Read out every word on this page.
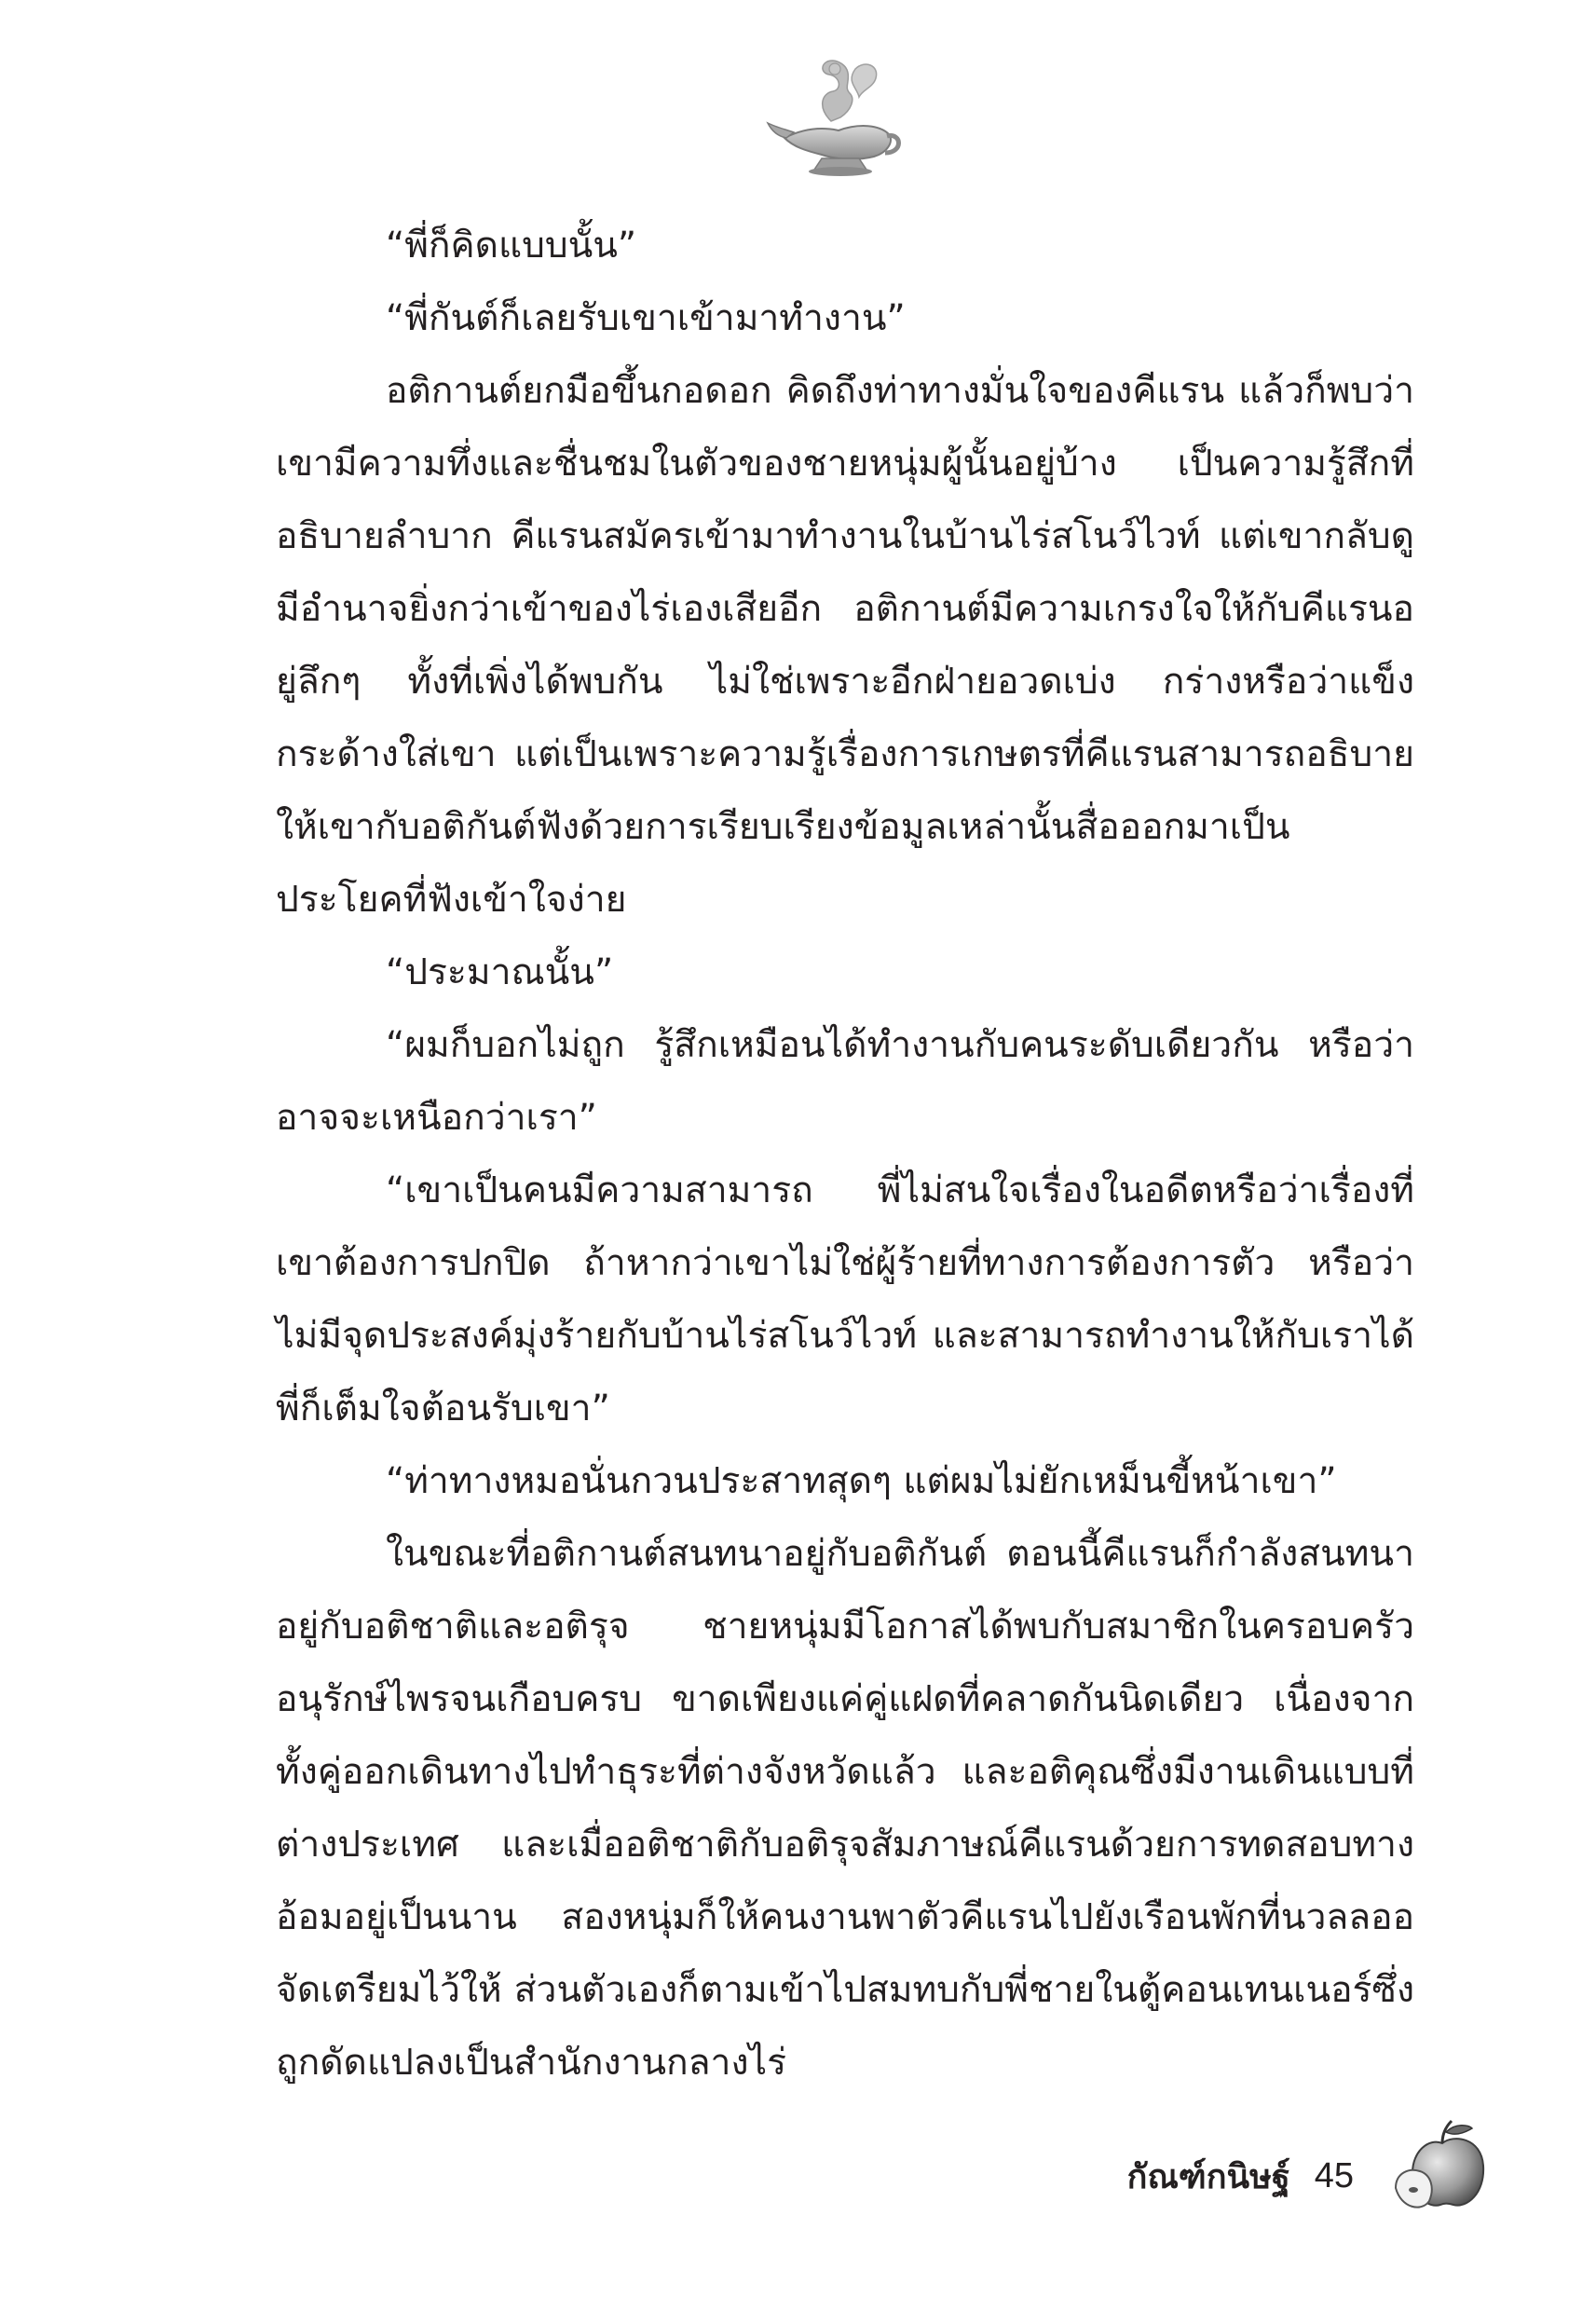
“พี่ก็คิดแบบนั้น”

“พี่กันต์ก็เลยรับเขาเข้ามาทำงาน”

อติกานต์ยกมือขึ้นกอดอก คิดถึงท่าทางมั่นใจของคีแรน แล้วก็พบว่าเขามีความทึ่งและชื่นชมในตัวของชายหนุ่มผู้นั้นอยู่บ้าง เป็นความรู้สึกที่อธิบายลำบาก คีแรนสมัครเข้ามาทำงานในบ้านไร่สโนว์ไวท์ แต่เขากลับดูมีอำนาจยิ่งกว่าเข้าของไร่เองเสียอีก อติกานต์มีความเกรงใจให้กับคีแรนอยู่ลึกๆ ทั้งที่เพิ่งได้พบกัน ไม่ใช่เพราะอีกฝ่ายอวดเบ่ง กร่างหรือว่าแข็งกระด้างใส่เขา แต่เป็นเพราะความรู้เรื่องการเกษตรที่คีแรนสามารถอธิบายให้เขากับอติกันต์ฟังด้วยการเรียบเรียงข้อมูลเหล่านั้นสื่อออกมาเป็นประโยคที่ฟังเข้าใจง่าย

“ประมาณนั้น”

“ผมก็บอกไม่ถูก รู้สึกเหมือนได้ทำงานกับคนระดับเดียวกัน หรือว่าอาจจะเหนือกว่าเรา”

“เขาเป็นคนมีความสามารถ พี่ไม่สนใจเรื่องในอดีตหรือว่าเรื่องที่เขาต้องการปกปิด ถ้าหากว่าเขาไม่ใช่ผู้ร้ายที่ทางการต้องการตัว หรือว่าไม่มีจุดประสงค์มุ่งร้ายกับบ้านไร่สโนว์ไวท์ และสามารถทำงานให้กับเราได้ พี่ก็เต็มใจต้อนรับเขา”

“ท่าทางหมอนั่นกวนประสาทสุดๆ แต่ผมไม่ยักเหม็นขี้หน้าเขา”

ในขณะที่อติกานต์สนทนาอยู่กับอติกันต์ ตอนนี้คีแรนก็กำลังสนทนาอยู่กับอติชาติและอติรุจ ชายหนุ่มมีโอกาสได้พบกับสมาชิกในครอบครัวอนุรักษ์ไพรจนเกือบครบ ขาดเพียงแค่คู่แฝดที่คลาดกันนิดเดียว เนื่องจากทั้งคู่ออกเดินทางไปทำธุระที่ต่างจังหวัดแล้ว และอติคุณซึ่งมีงานเดินแบบที่ต่างประเทศ และเมื่ออติชาติกับอติรุจสัมภาษณ์คีแรนด้วยการทดสอบทางอ้อมอยู่เป็นนาน สองหนุ่มก็ให้คนงานพาตัวคีแรนไปยังเรือนพักที่นวลลออจัดเตรียมไว้ให้ ส่วนตัวเองก็ตามเข้าไปสมทบกับพี่ชายในตู้คอนเทนเนอร์ซึ่งถูกดัดแปลงเป็นสำนักงานกลางไร่

กัณฑ์กนิษฐ์ 45
